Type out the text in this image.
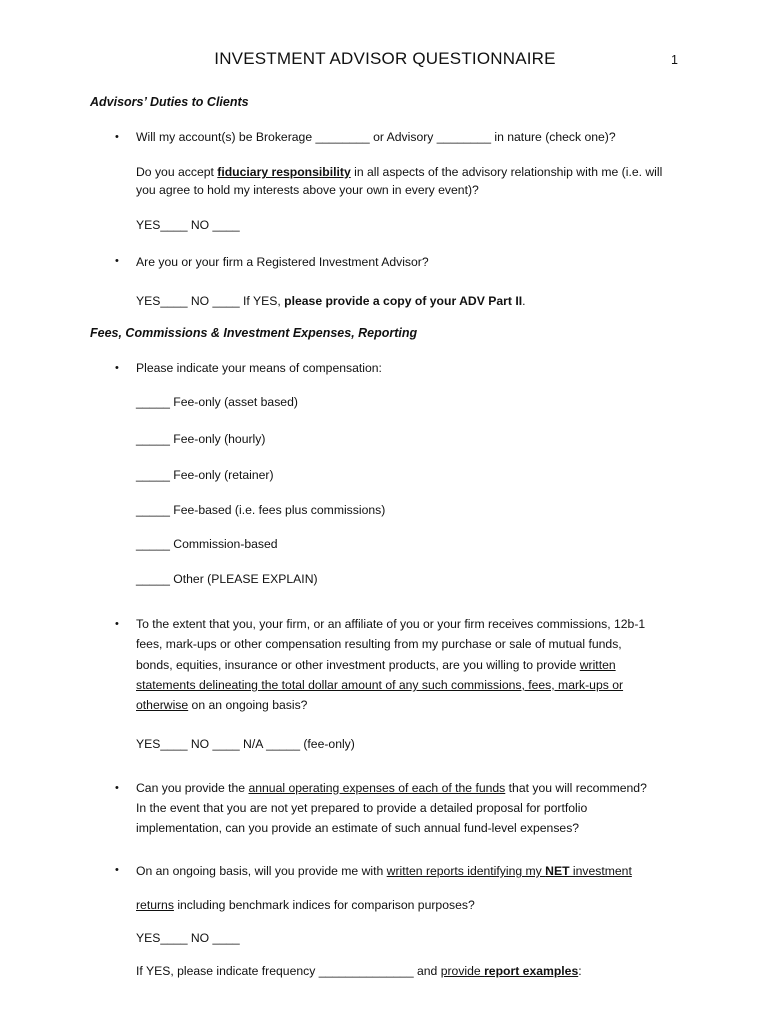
INVESTMENT ADVISOR QUESTIONNAIRE	1
Advisors’ Duties to Clients
• Will my account(s) be Brokerage ________ or Advisory ________ in nature (check one)?
Do you accept fiduciary responsibility in all aspects of the advisory relationship with me (i.e. will
you agree to hold my interests above your own in every event)?
YES____ NO ____
• Are you or your firm a Registered Investment Advisor?
YES____ NO ____ If YES, please provide a copy of your ADV Part II.
Fees, Commissions & Investment Expenses, Reporting
• Please indicate your means of compensation:
_____ Fee-only (asset based)
_____ Fee-only (hourly)
_____ Fee-only (retainer)
_____ Fee-based (i.e. fees plus commissions)
_____ Commission-based
_____ Other (PLEASE EXPLAIN)
• To the extent that you, your firm, or an affiliate of you or your firm receives commissions, 12b-1
fees, mark-ups or other compensation resulting from my purchase or sale of mutual funds,
bonds, equities, insurance or other investment products, are you willing to provide written
statements delineating the total dollar amount of any such commissions, fees, mark-ups or
otherwise on an ongoing basis?
YES____ NO ____ N/A _____ (fee-only)
• Can you provide the annual operating expenses of each of the funds that you will recommend?
In the event that you are not yet prepared to provide a detailed proposal for portfolio
implementation, can you provide an estimate of such annual fund-level expenses?
• On an ongoing basis, will you provide me with written reports identifying my NET investment
returns including benchmark indices for comparison purposes?
YES____ NO ____
If YES, please indicate frequency ______________ and provide report examples:
